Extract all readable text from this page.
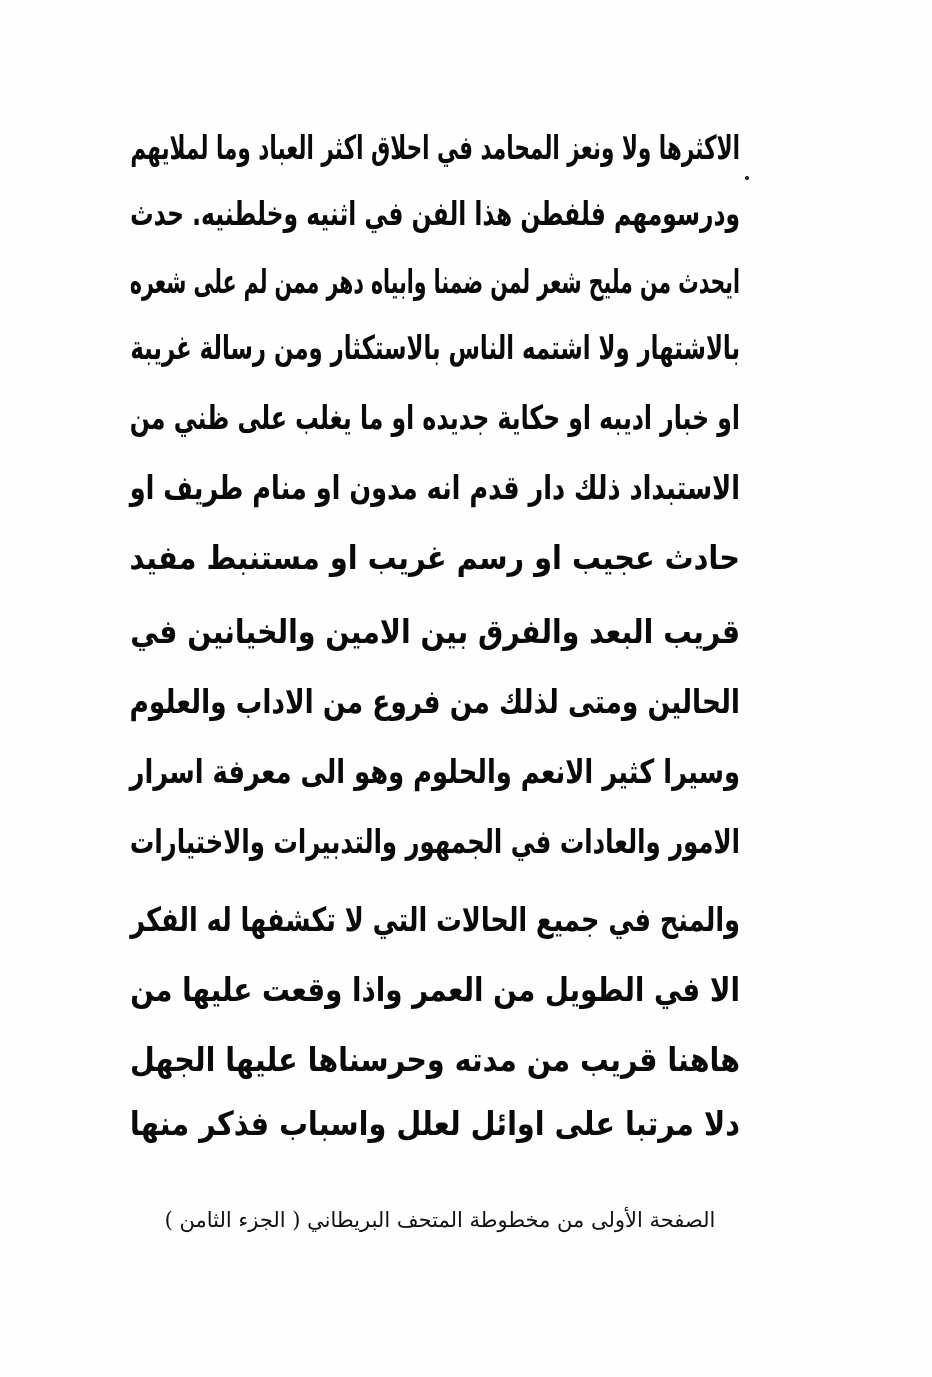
الاكثرها ولا ونعز المحامد في احلاق اكثر العباد وما لملايهم
ودرسومهم فلفطن هذا الفن في اثنيه وخلطنيه. حدث
ايحدث من مليح شعر لمن ضمنا وابياه دهر ممن لم على شعره
بالاشتهار ولا اشتمه الناس بالاستكثار ومن رسالة غريبة
او خبار اديبه او حكاية جديده او ما يغلب على ظني من
الاستبداد ذلك دار قدم انه مدون او منام طريف او
حادث عجيب او رسم غريب او مستنبط مفيد
قريب البعد والفرق بين الامين والخيانين في
الحالين ومتى لذلك من فروع من الاداب والعلوم
وسيرا كثير الانعم والحلوم وهو الى معرفة اسرار
الامور والعادات في الجمهور والتدبيرات والاختيارات
والمنح في جميع الحالات التي لا تكشفها له الفكر
الا في الطويل من العمر واذا وقعت عليها من
هاهنا قريب من مدته وحرسناها عليها الجهل
دلا مرتبا على اوائل لعلل واسباب فذكر منها
الصفحة الأولى من مخطوطة المتحف البريطاني ( الجزء الثامن )
